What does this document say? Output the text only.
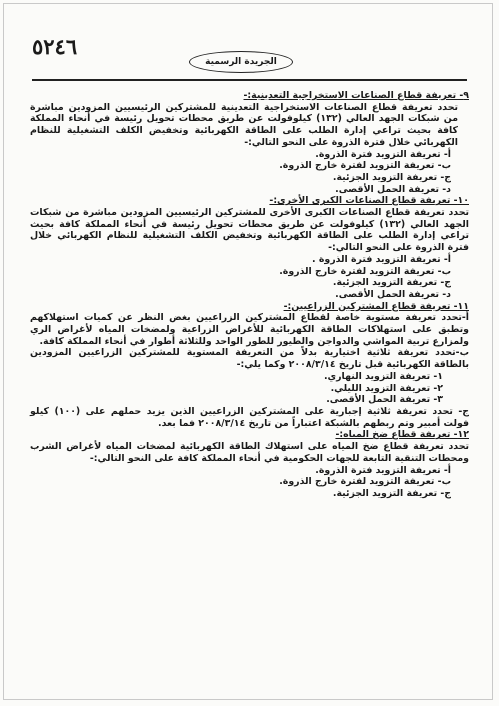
٥٢٤٦
الجريدة الرسمية
٩- تعريفة قطاع الصناعات الاستخراجية التعدينية:-
تحدد تعريفة قطاع الصناعات الاستخراجية التعدينية للمشتركين الرئيسيين المزودين مباشرة من شبكات الجهد العالي (١٣٢) كيلوفولت عن طريق محطات تحويل رئيسة في أنحاء المملكة كافة بحيث تراعي إدارة الطلب على الطاقة الكهربائية وتخفيض الكلف التشغيلية للنظام الكهربائي خلال فترة الذروة على النحو التالي:-
أ- تعريفة التزويد فترة الذروة.
ب- تعريفة التزويد لفترة خارج الذروة.
ج- تعريفة التزويد الجزئية.
د- تعريفة الحمل الأقصى.
١٠- تعريفة قطاع الصناعات الكبرى الأخرى:-
تحدد تعريفة قطاع الصناعات الكبرى الأخرى للمشتركين الرئيسيين المزودين مباشرة من شبكات الجهد العالي (١٣٢) كيلوفولت عن طريق محطات تحويل رئيسة في أنحاء المملكة كافة بحيث تراعي إدارة الطلب على الطاقة الكهربائية وتخفيض الكلف التشغيلية للنظام الكهربائي خلال فترة الذروة على النحو التالي:-
أ- تعريفة التزويد فترة الذروة .
ب- تعريفة التزويد لفترة خارج الذروة.
ج- تعريفة التزويد الجزئية.
د- تعريفة الحمل الأقصى.
١١- تعريفة قطاع المشتركين الزراعيين:-
أ-تحدد تعريفة مستوية خاصة لقطاع المشتركين الزراعيين بغض النظر عن كميات استهلاكهم وتطبق على استهلاكات الطاقة الكهربائية للأغراض الزراعية ولمضخات المياه لأغراض الري ولمزارع تربية المواشي والدواجن والطيور للطور الواحد وللثلاثة أطوار في أنحاء المملكة كافة.
ب-تحدد تعريفة ثلاثية اختيارية بدلاً من التعريفة المستوية للمشتركين الزراعيين المزودين بالطاقة الكهربائية قبل تاريخ ٢٠٠٨/٣/١٤ وكما يلي:-
١- تعريفة التزويد النهاري.
٢- تعريفة التزويد الليلي.
٣- تعريفة الحمل الأقصى.
ج- تحدد تعريفة ثلاثية إجبارية على المشتركين الزراعيين الذين يزيد حملهم على (١٠٠) كيلو فولت أمبير وتم ربطهم بالشبكة اعتباراً من تاريخ ٢٠٠٨/٣/١٤ فما بعد.
١٢- تعريفة قطاع ضخ المياه:-
تحدد تعريفة قطاع ضخ المياه على استهلاك الطاقة الكهربائية لمضخات المياه لأغراض الشرب ومحطات التنقية التابعة للجهات الحكومية في أنحاء المملكة كافة على النحو التالي:-
أ- تعريفة التزويد فترة الذروة.
ب- تعريفة التزويد لفترة خارج الذروة.
ج- تعريفة التزويد الجزئية.
